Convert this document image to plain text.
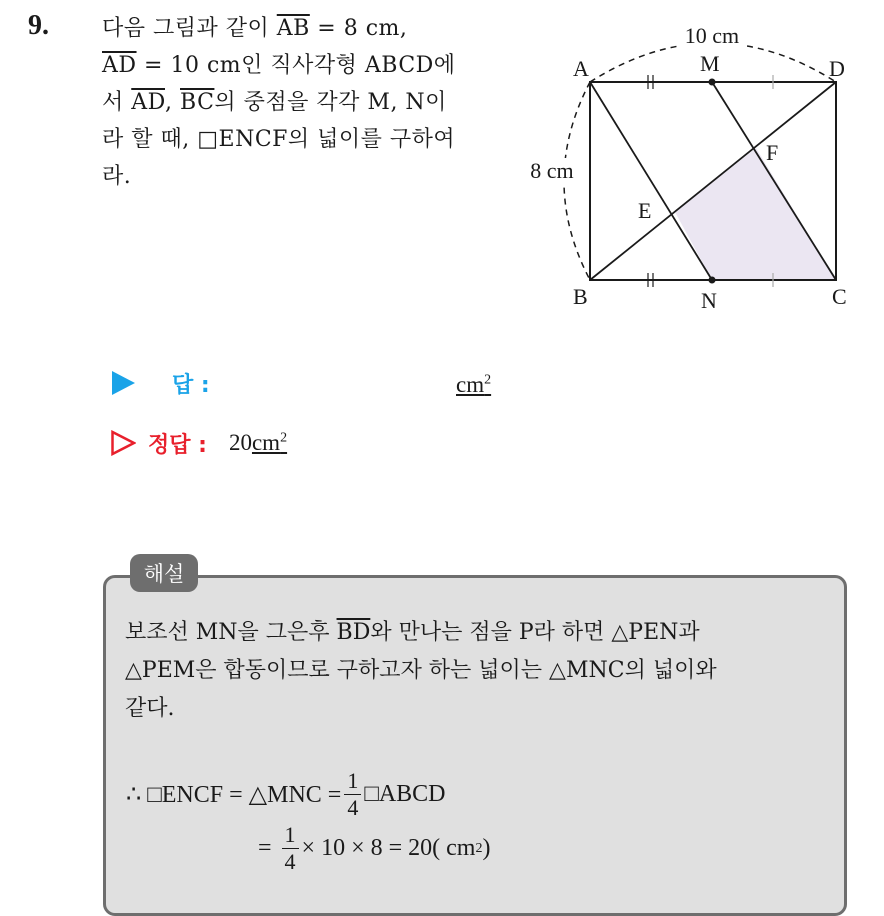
9. 다음 그림과 같이 $\overline{AB} = 8$ cm,
$\overline{AD} = 10$ cm인 직사각형 ABCD에
서 $\overline{AD}$, $\overline{BC}$의 중점을 각각 M, N이
라 할 때, □ENCF의 넓이를 구하여
라.
10 cm
8 cm
A	M	D
F
E
B	N	C
답 :	$cm^2$
정답 : 20 $cm^2$
해설
보조선 MN을 그은후 $\overline{BD}$와 만나는 점을 P라 하면 △PEN과
△PEM은 합동이므로 구하고자 하는 넓이는 △MNC의 넓이와
같다.
∴ □ENCF = △MNC = $\frac{1}{4}$ □ABCD
= $\frac{1}{4} \times 10 \times 8 = 20$( cm 2 )
